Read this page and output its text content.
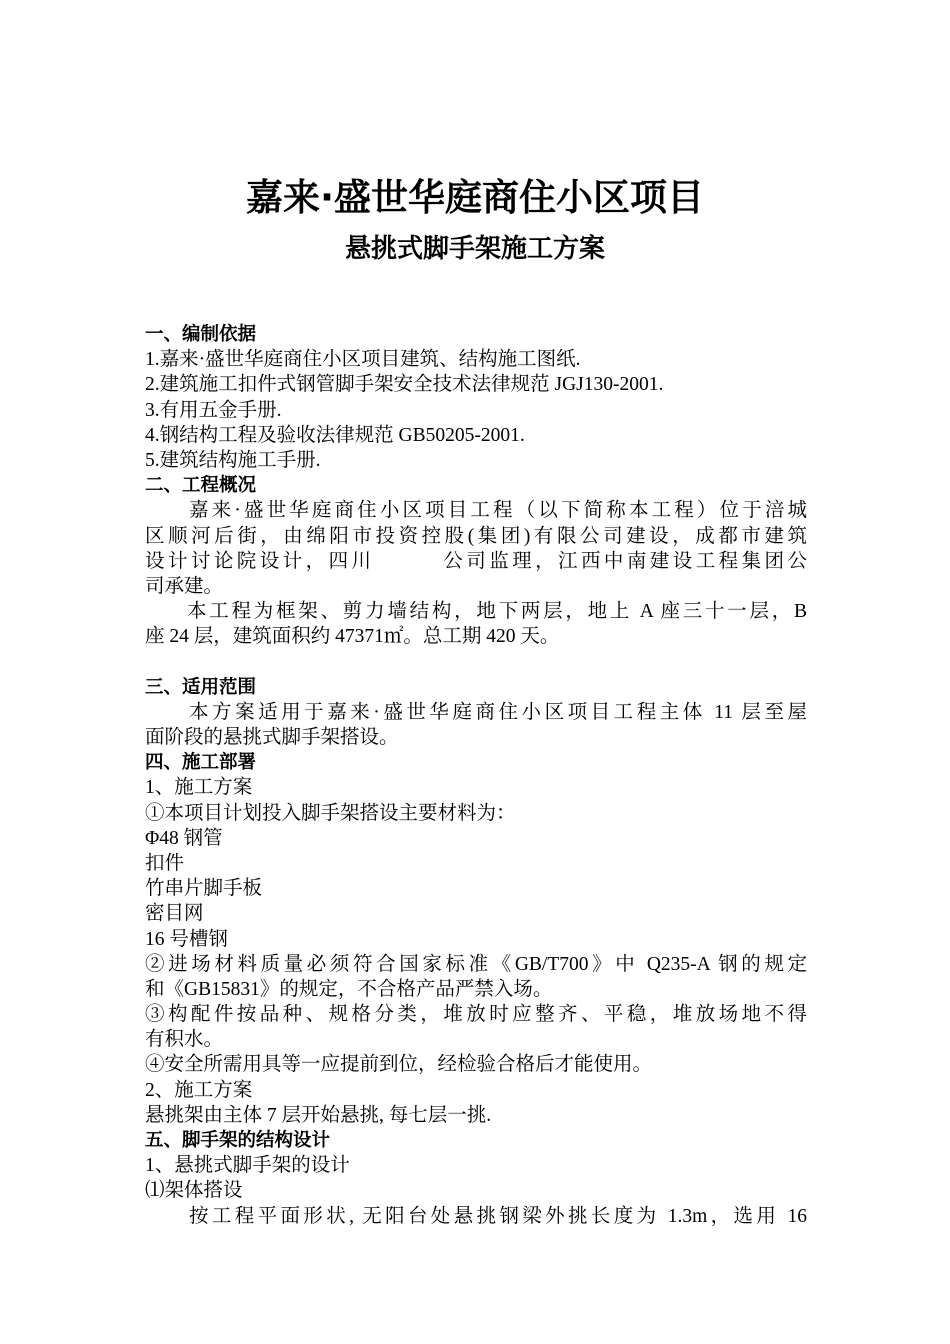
嘉来·盛世华庭商住小区项目
悬挑式脚手架施工方案
一、编制依据
1.嘉来·盛世华庭商住小区项目建筑、结构施工图纸.
2.建筑施工扣件式钢管脚手架安全技术法律规范 JGJ130-2001.
3.有用五金手册.
4.钢结构工程及验收法律规范 GB50205-2001.
5.建筑结构施工手册.
二、工程概况
嘉来·盛世华庭商住小区项目工程（以下简称本工程）位于涪城
区顺河后街，由绵阳市投资控股(集团)有限公司建设，成都市建筑
设计讨论院设计，四川　　　公司监理，江西中南建设工程集团公
司承建。
本工程为框架、剪力墙结构，地下两层，地上 A 座三十一层，B
座 24 层，建筑面积约 47371㎡。总工期 420 天。
三、适用范围
本方案适用于嘉来·盛世华庭商住小区项目工程主体 11 层至屋
面阶段的悬挑式脚手架搭设。
四、施工部署
1、施工方案
①本项目计划投入脚手架搭设主要材料为：
Φ48 钢管
扣件
竹串片脚手板
密目网
16 号槽钢
②进场材料质量必须符合国家标准《GB/T700》中 Q235-A 钢的规定
和《GB15831》的规定，不合格产品严禁入场。
③构配件按品种、规格分类，堆放时应整齐、平稳，堆放场地不得
有积水。
④安全所需用具等一应提前到位，经检验合格后才能使用。
2、施工方案
悬挑架由主体 7 层开始悬挑, 每七层一挑.
五、脚手架的结构设计
1、悬挑式脚手架的设计
⑴架体搭设
按工程平面形状, 无阳台处悬挑钢梁外挑长度为 1.3m，选用 16
